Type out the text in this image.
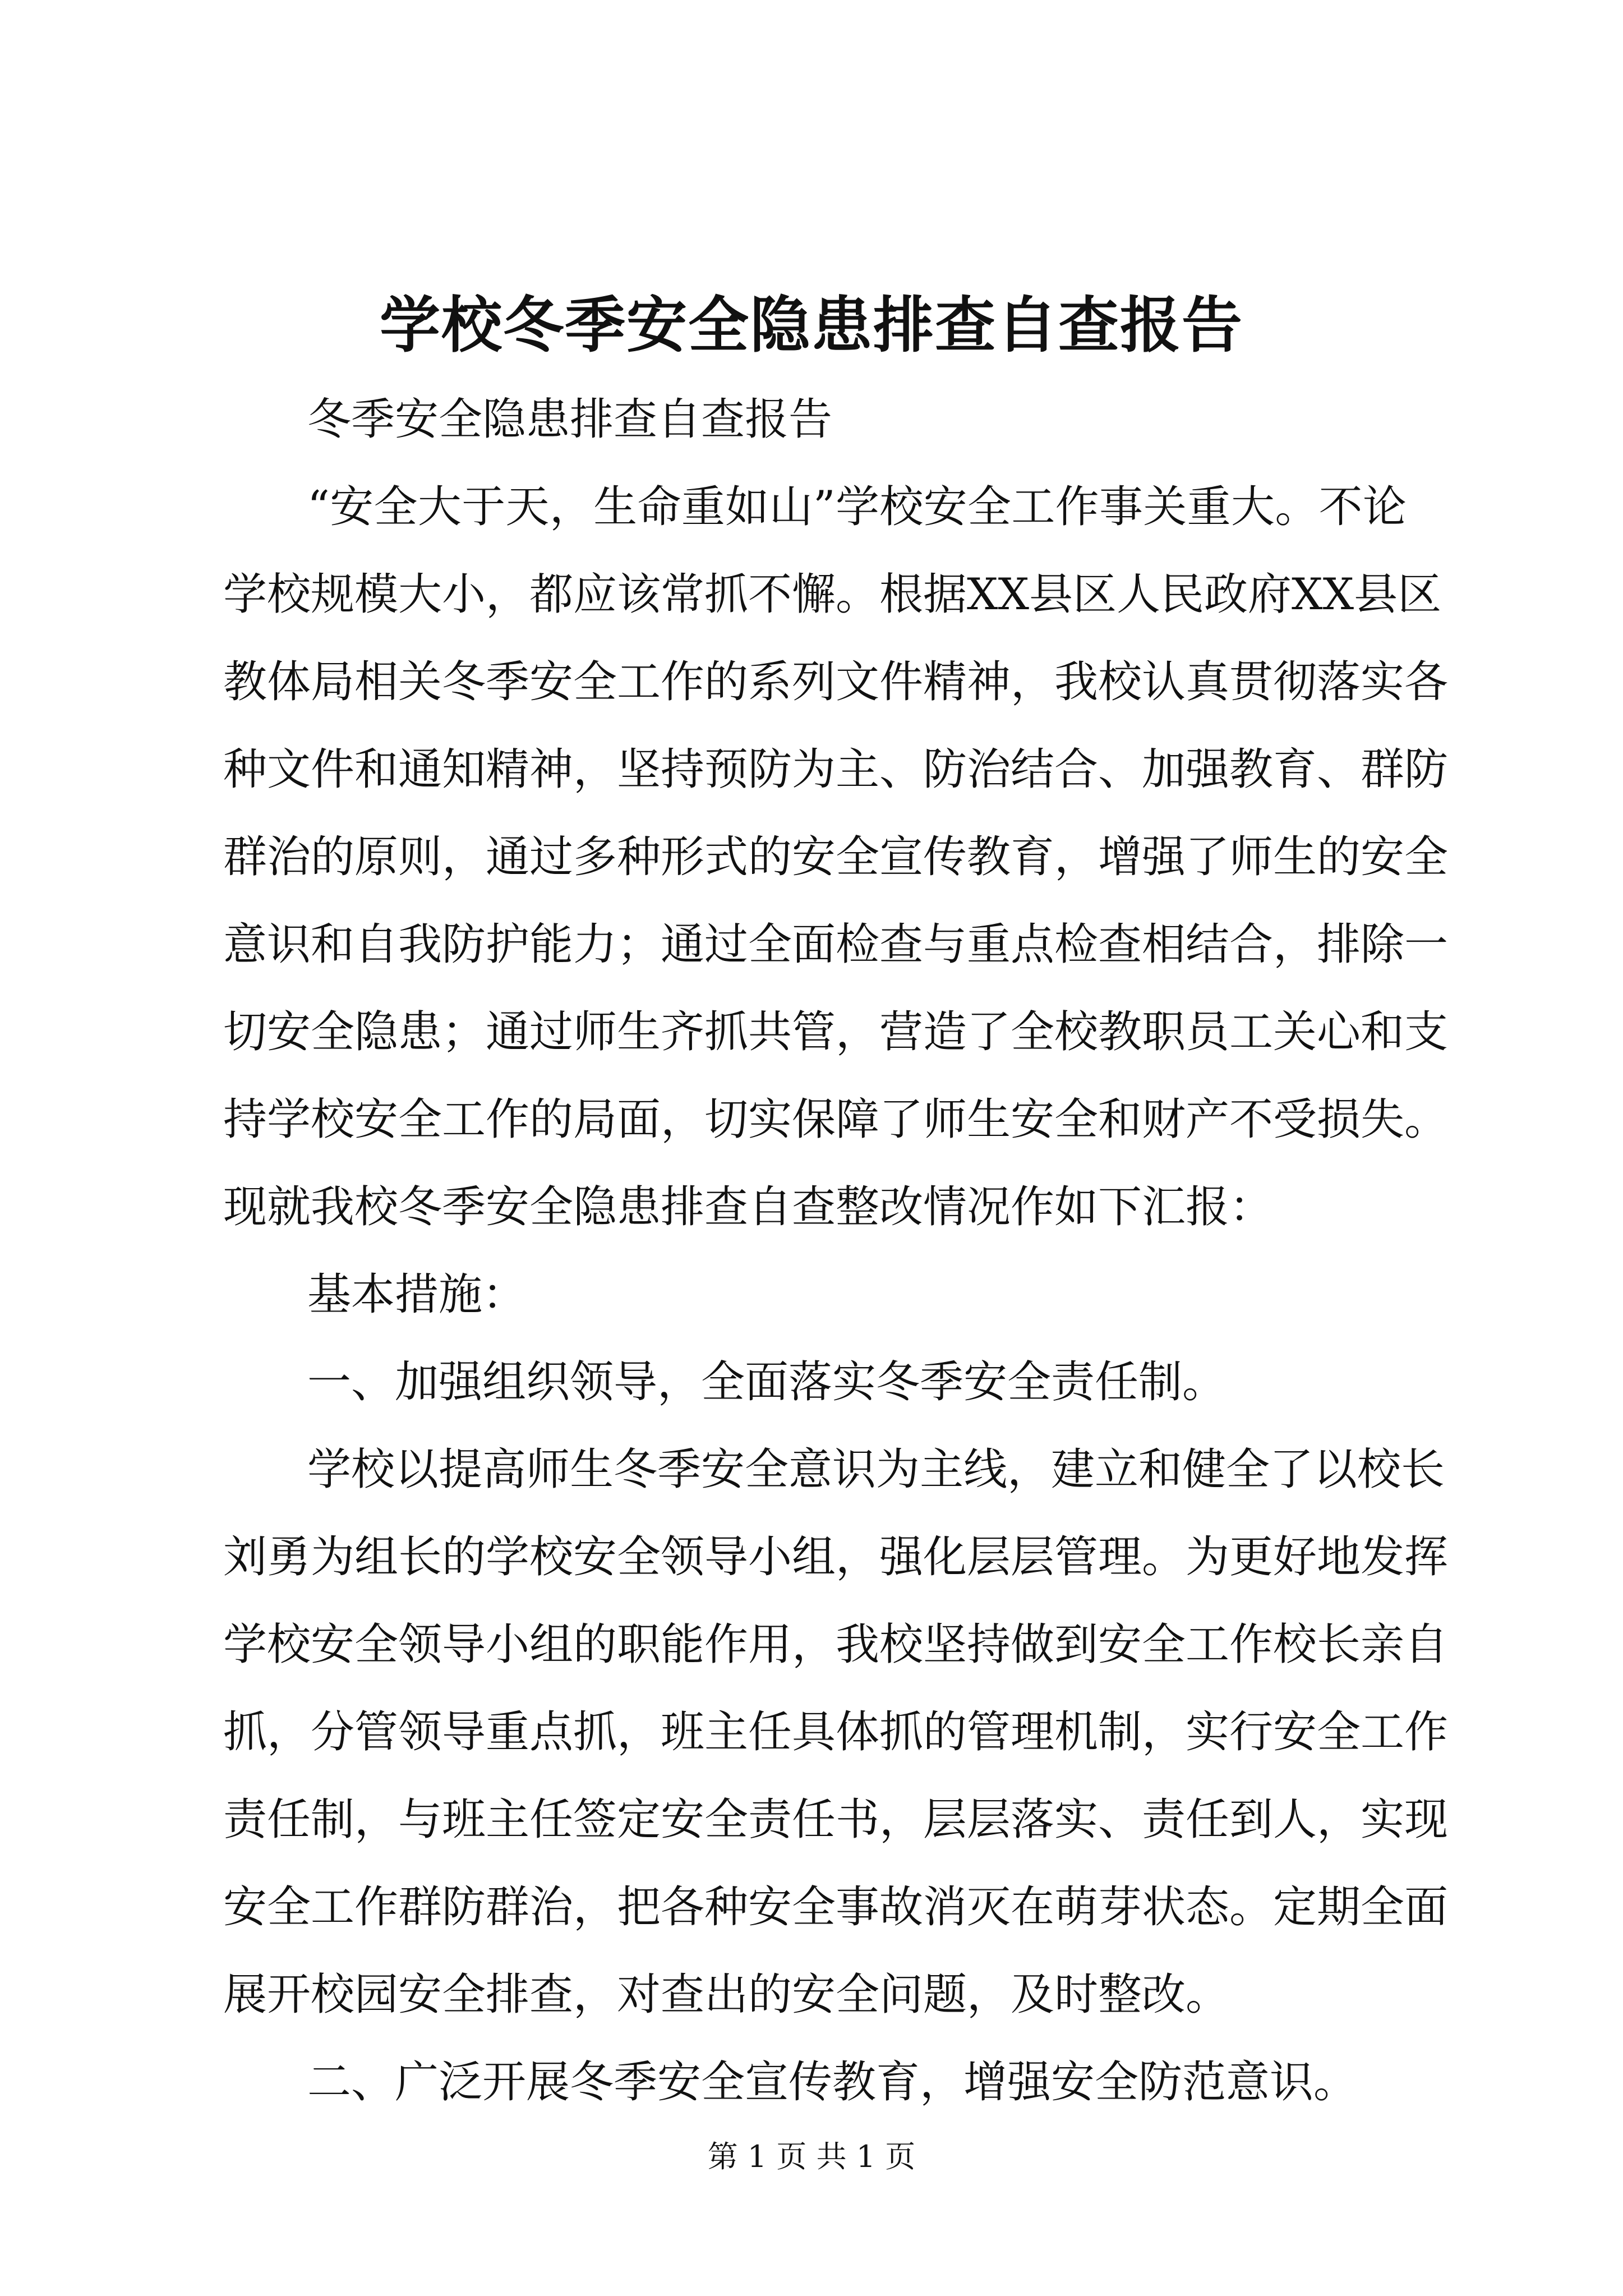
学校冬季安全隐患排查自查报告
冬季安全隐患排查自查报告
“安全大于天，生命重如山”学校安全工作事关重大。不论
学校规模大小，都应该常抓不懈。根据XX县区人民政府XX县区
教体局相关冬季安全工作的系列文件精神，我校认真贯彻落实各
种文件和通知精神，坚持预防为主、防治结合、加强教育、群防
群治的原则，通过多种形式的安全宣传教育，增强了师生的安全
意识和自我防护能力；通过全面检查与重点检查相结合，排除一
切安全隐患；通过师生齐抓共管，营造了全校教职员工关心和支
持学校安全工作的局面，切实保障了师生安全和财产不受损失。
现就我校冬季安全隐患排查自查整改情况作如下汇报：
基本措施：
一、加强组织领导，全面落实冬季安全责任制。
学校以提高师生冬季安全意识为主线，建立和健全了以校长
刘勇为组长的学校安全领导小组，强化层层管理。为更好地发挥
学校安全领导小组的职能作用，我校坚持做到安全工作校长亲自
抓，分管领导重点抓，班主任具体抓的管理机制，实行安全工作
责任制，与班主任签定安全责任书，层层落实、责任到人，实现
安全工作群防群治，把各种安全事故消灭在萌芽状态。定期全面
展开校园安全排查，对查出的安全问题，及时整改。
二、广泛开展冬季安全宣传教育，增强安全防范意识。
第 1 页 共 1 页
